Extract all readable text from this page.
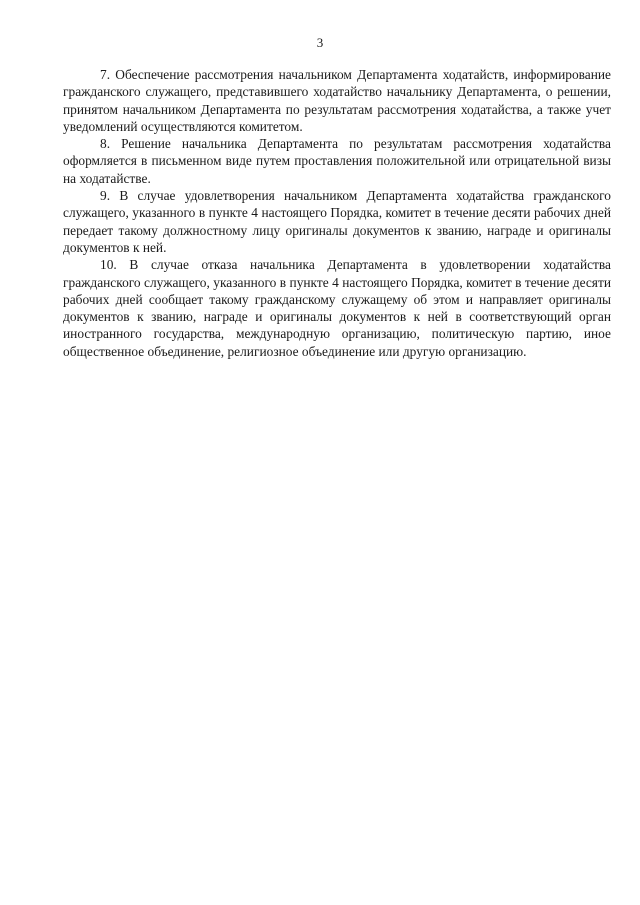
3

7. Обеспечение рассмотрения начальником Департамента ходатайств, информирование гражданского служащего, представившего ходатайство начальнику Департамента, о решении, принятом начальником Департамента по результатам рассмотрения ходатайства, а также учет уведомлений осуществляются комитетом.

8. Решение начальника Департамента по результатам рассмотрения ходатайства оформляется в письменном виде путем проставления положительной или отрицательной визы на ходатайстве.

9. В случае удовлетворения начальником Департамента ходатайства гражданского служащего, указанного в пункте 4 настоящего Порядка, комитет в течение десяти рабочих дней передает такому должностному лицу оригиналы документов к званию, награде и оригиналы документов к ней.

10. В случае отказа начальника Департамента в удовлетворении ходатайства гражданского служащего, указанного в пункте 4 настоящего Порядка, комитет в течение десяти рабочих дней сообщает такому гражданскому служащему об этом и направляет оригиналы документов к званию, награде и оригиналы документов к ней в соответствующий орган иностранного государства, международную организацию, политическую партию, иное общественное объединение, религиозное объединение или другую организацию.
